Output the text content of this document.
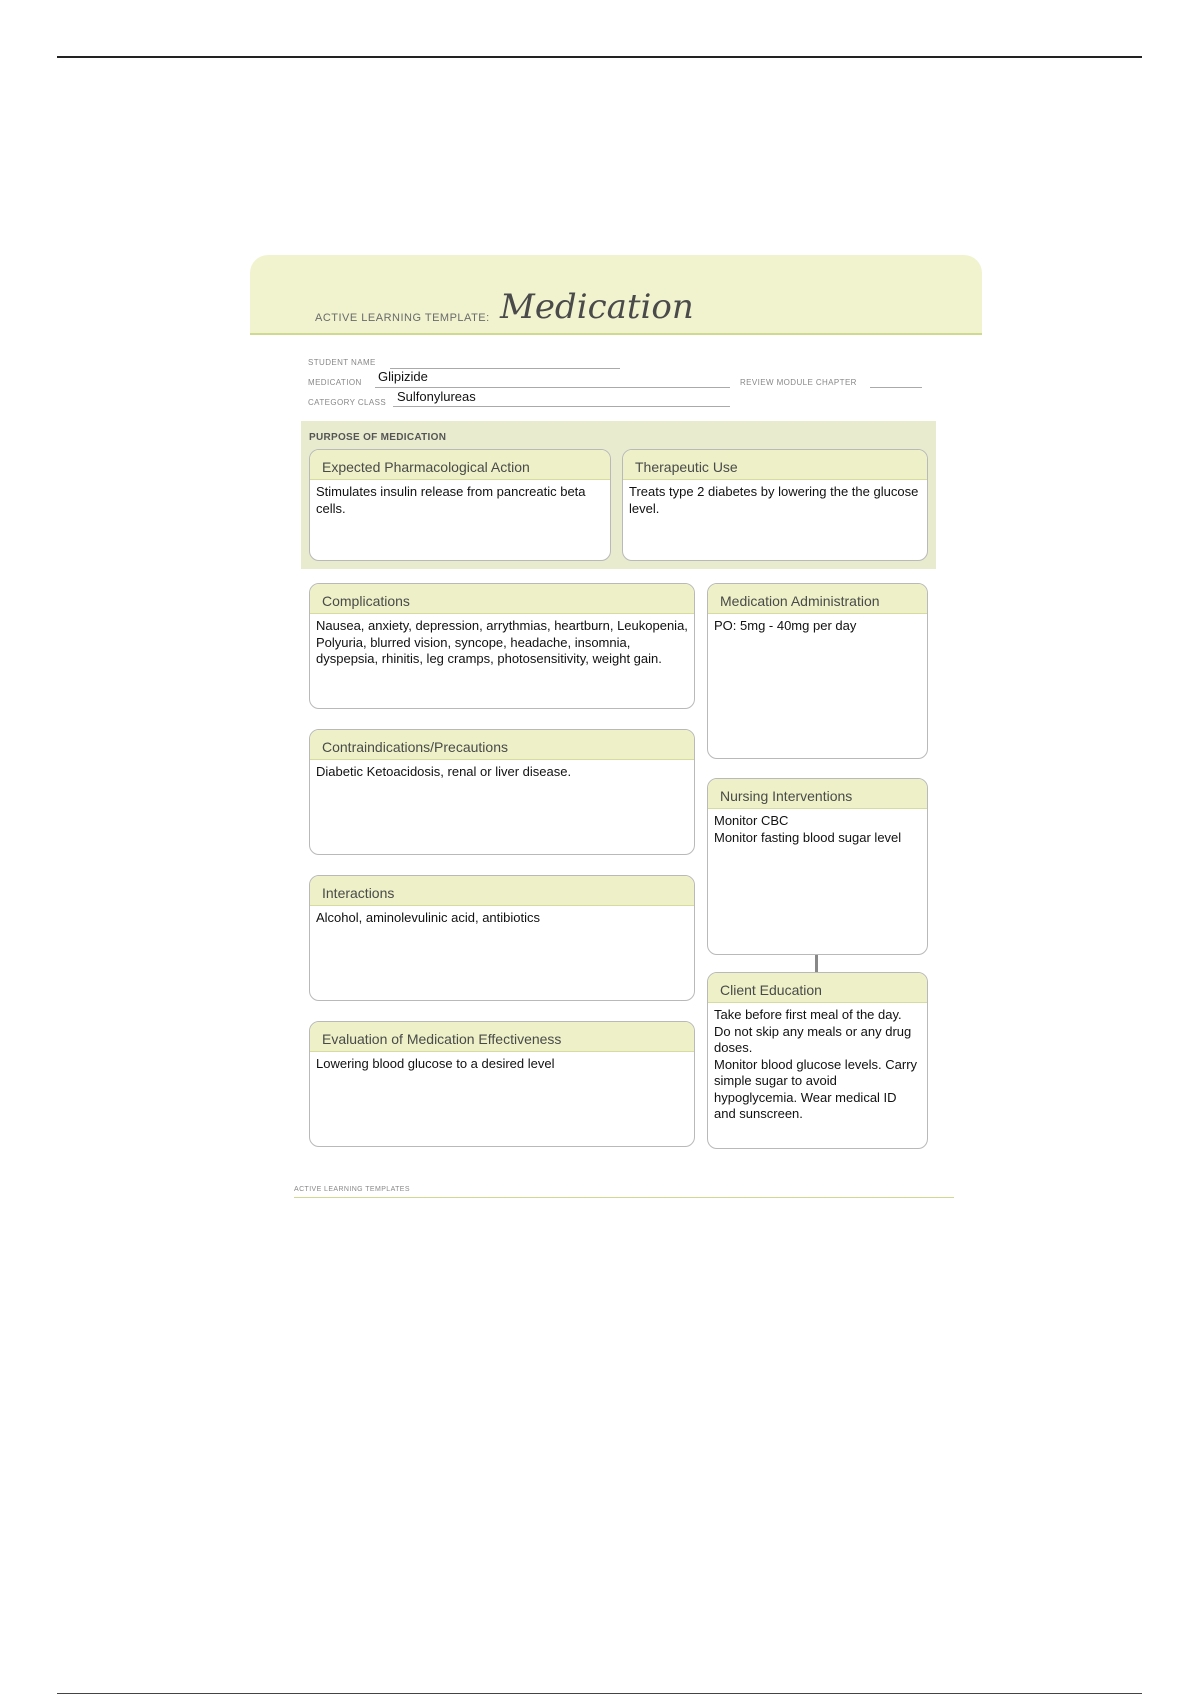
ACTIVE LEARNING TEMPLATE: Medication
STUDENT NAME
MEDICATION Glipizide	REVIEW MODULE CHAPTER
CATEGORY CLASS Sulfonylureas
PURPOSE OF MEDICATION
Expected Pharmacological Action
Stimulates insulin release from pancreatic beta cells.
Therapeutic Use
Treats type 2 diabetes by lowering the the glucose level.
Complications
Nausea, anxiety, depression, arrythmias, heartburn, Leukopenia, Polyuria, blurred vision, syncope, headache, insomnia, dyspepsia, rhinitis, leg cramps, photosensitivity, weight gain.
Contraindications/Precautions
Diabetic Ketoacidosis, renal or liver disease.
Interactions
Alcohol, aminolevulinic acid, antibiotics
Evaluation of Medication Effectiveness
Lowering blood glucose to a desired level
Medication Administration
PO: 5mg - 40mg per day
Nursing Interventions
Monitor CBC
Monitor fasting blood sugar level
Client Education
Take before first meal of the day. Do not skip any meals or any drug doses.
Monitor blood glucose levels. Carry simple sugar to avoid hypoglycemia. Wear medical ID and sunscreen.
ACTIVE LEARNING TEMPLATES
